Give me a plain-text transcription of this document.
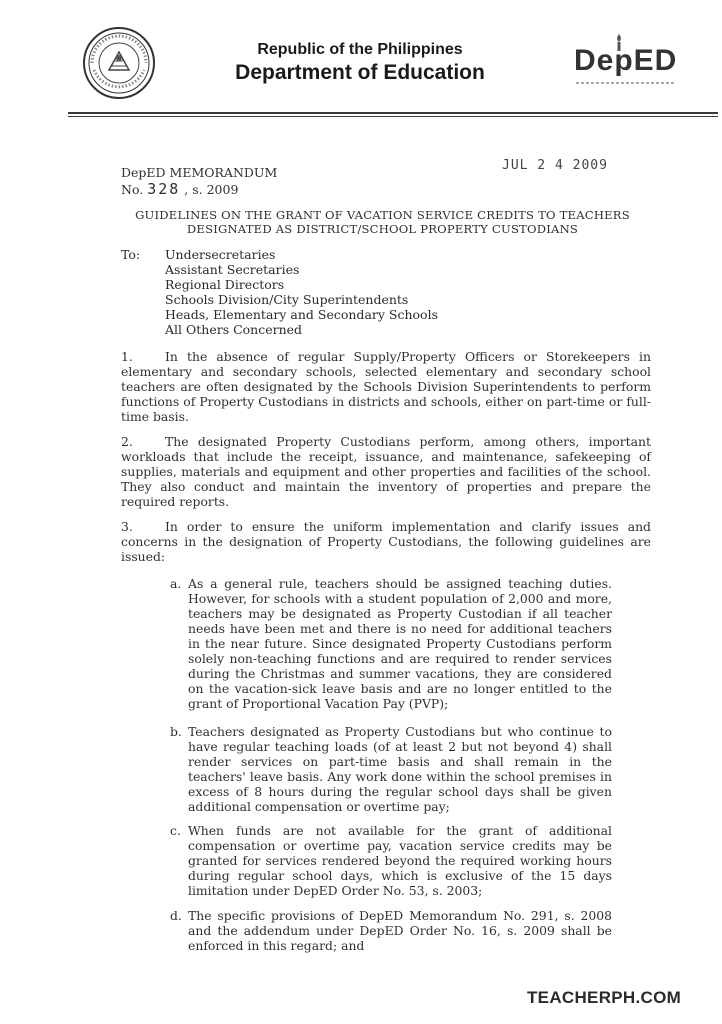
Republic of the Philippines
Department of Education	DepED
JUL 2 4 2009
DepED MEMORANDUM
No. 328 , s. 2009
GUIDELINES ON THE GRANT OF VACATION SERVICE CREDITS TO TEACHERS
DESIGNATED AS DISTRICT/SCHOOL PROPERTY CUSTODIANS
To: Undersecretaries
Assistant Secretaries
Regional Directors
Schools Division/City Superintendents
Heads, Elementary and Secondary Schools
All Others Concerned
1.	In the absence of regular Supply/Property Officers or Storekeepers in elementary and secondary schools, selected elementary and secondary school teachers are often designated by the Schools Division Superintendents to perform functions of Property Custodians in districts and schools, either on part-time or full-time basis.
2.	The designated Property Custodians perform, among others, important workloads that include the receipt, issuance, and maintenance, safekeeping of supplies, materials and equipment and other properties and facilities of the school. They also conduct and maintain the inventory of properties and prepare the required reports.
3.	In order to ensure the uniform implementation and clarify issues and concerns in the designation of Property Custodians, the following guidelines are issued:
a. As a general rule, teachers should be assigned teaching duties. However, for schools with a student population of 2,000 and more, teachers may be designated as Property Custodian if all teacher needs have been met and there is no need for additional teachers in the near future. Since designated Property Custodians perform solely non-teaching functions and are required to render services during the Christmas and summer vacations, they are considered on the vacation-sick leave basis and are no longer entitled to the grant of Proportional Vacation Pay (PVP);
b. Teachers designated as Property Custodians but who continue to have regular teaching loads (of at least 2 but not beyond 4) shall render services on part-time basis and shall remain in the teachers' leave basis. Any work done within the school premises in excess of 8 hours during the regular school days shall be given additional compensation or overtime pay;
c. When funds are not available for the grant of additional compensation or overtime pay, vacation service credits may be granted for services rendered beyond the required working hours during regular school days, which is exclusive of the 15 days limitation under DepED Order No. 53, s. 2003;
d. The specific provisions of DepED Memorandum No. 291, s. 2008 and the addendum under DepED Order No. 16, s. 2009 shall be enforced in this regard; and
TEACHERPH.COM
